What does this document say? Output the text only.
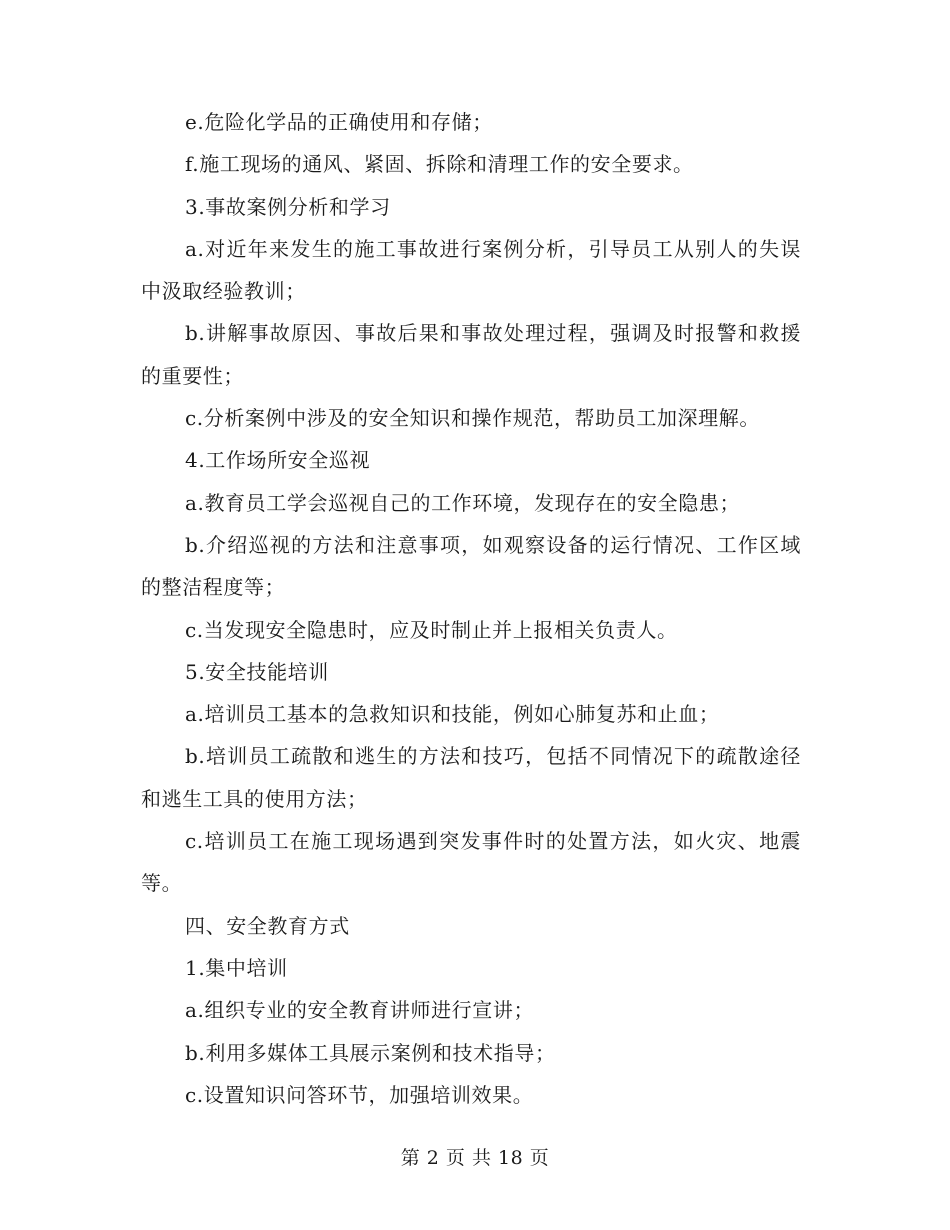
e.危险化学品的正确使用和存储；

f.施工现场的通风、紧固、拆除和清理工作的安全要求。

3.事故案例分析和学习

a.对近年来发生的施工事故进行案例分析，引导员工从别人的失误中汲取经验教训；

b.讲解事故原因、事故后果和事故处理过程，强调及时报警和救援的重要性；

c.分析案例中涉及的安全知识和操作规范，帮助员工加深理解。

4.工作场所安全巡视

a.教育员工学会巡视自己的工作环境，发现存在的安全隐患；

b.介绍巡视的方法和注意事项，如观察设备的运行情况、工作区域的整洁程度等；

c.当发现安全隐患时，应及时制止并上报相关负责人。

5.安全技能培训

a.培训员工基本的急救知识和技能，例如心肺复苏和止血；

b.培训员工疏散和逃生的方法和技巧，包括不同情况下的疏散途径和逃生工具的使用方法；

c.培训员工在施工现场遇到突发事件时的处置方法，如火灾、地震等。

四、安全教育方式

1.集中培训

a.组织专业的安全教育讲师进行宣讲；

b.利用多媒体工具展示案例和技术指导；

c.设置知识问答环节，加强培训效果。

第 2 页 共 18 页
